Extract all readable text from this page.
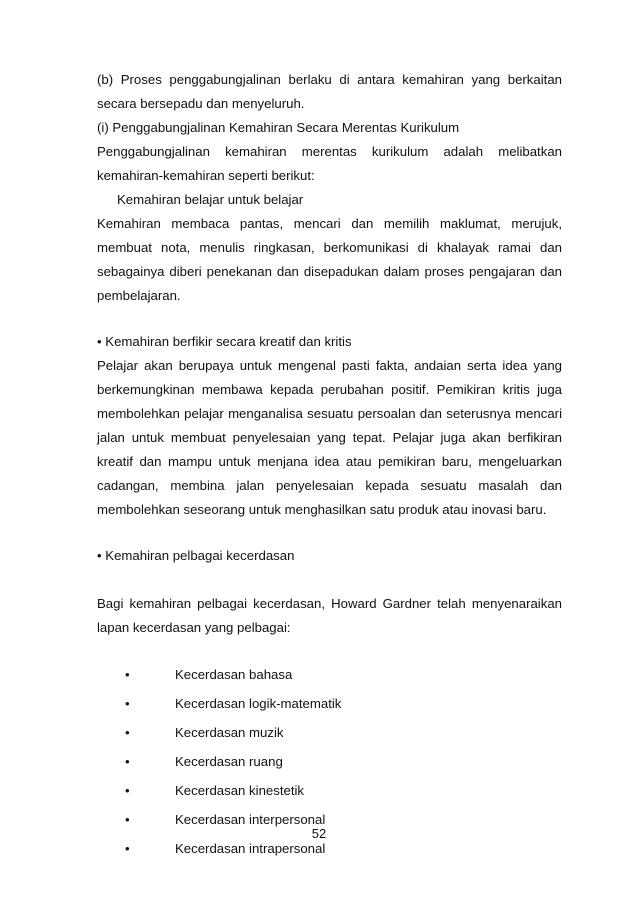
(b) Proses penggabungjalinan berlaku di antara kemahiran yang berkaitan secara bersepadu dan menyeluruh.

(i) Penggabungjalinan Kemahiran Secara Merentas Kurikulum

Penggabungjalinan kemahiran merentas kurikulum adalah melibatkan kemahiran-kemahiran seperti berikut:

Kemahiran belajar untuk belajar

Kemahiran membaca pantas, mencari dan memilih maklumat, merujuk, membuat nota, menulis ringkasan, berkomunikasi di khalayak ramai dan sebagainya diberi penekanan dan disepadukan dalam proses pengajaran dan pembelajaran.

• Kemahiran berfikir secara kreatif dan kritis

Pelajar akan berupaya untuk mengenal pasti fakta, andaian serta idea yang berkemungkinan membawa kepada perubahan positif. Pemikiran kritis juga membolehkan pelajar menganalisa sesuatu persoalan dan seterusnya mencari jalan untuk membuat penyelesaian yang tepat. Pelajar juga akan berfikiran kreatif dan mampu untuk menjana idea atau pemikiran baru, mengeluarkan cadangan, membina jalan penyelesaian kepada sesuatu masalah dan membolehkan seseorang untuk menghasilkan satu produk atau inovasi baru.

• Kemahiran pelbagai kecerdasan

Bagi kemahiran pelbagai kecerdasan, Howard Gardner telah menyenaraikan lapan kecerdasan yang pelbagai:

•	Kecerdasan bahasa
•	Kecerdasan logik-matematik
•	Kecerdasan muzik
•	Kecerdasan ruang
•	Kecerdasan kinestetik
•	Kecerdasan interpersonal
•	Kecerdasan intrapersonal
52
